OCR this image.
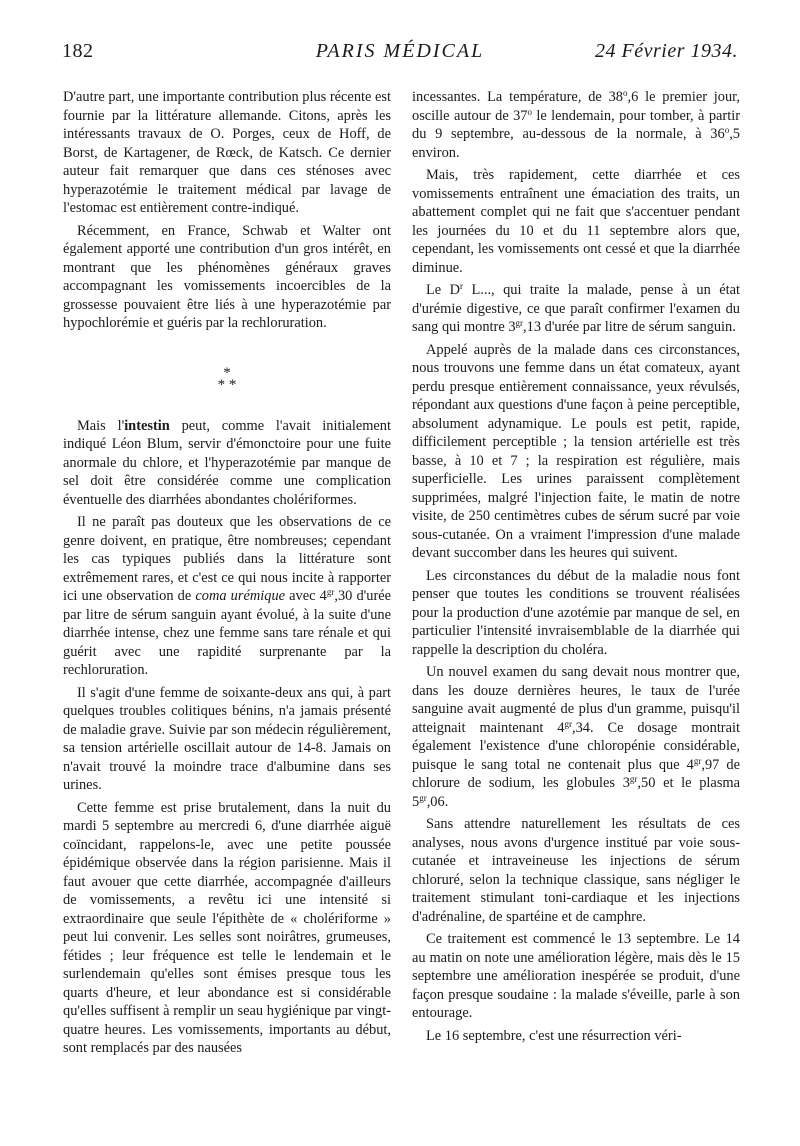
182	PARIS MÉDICAL	24 Février 1934.

D'autre part, une importante contribution plus récente est fournie par la littérature allemande. Citons, après les intéressants travaux de O. Porges, ceux de Hoff, de Borst, de Kartagener, de Rœck, de Katsch. Ce dernier auteur fait remarquer que dans ces sténoses avec hyperazotémie le traitement médical par lavage de l'estomac est entièrement contre-indiqué.

Récemment, en France, Schwab et Walter ont également apporté une contribution d'un gros intérêt, en montrant que les phénomènes généraux graves accompagnant les vomissements incoercibles de la grossesse pouvaient être liés à une hyperazotémie par hypochlorémie et guéris par la rechloruration.

*
* *

Mais l'intestin peut, comme l'avait initialement indiqué Léon Blum, servir d'émonctoire pour une fuite anormale du chlore, et l'hyperazotémie par manque de sel doit être considérée comme une complication éventuelle des diarrhées abondantes cholériformes.

Il ne paraît pas douteux que les observations de ce genre doivent, en pratique, être nombreuses; cependant les cas typiques publiés dans la littérature sont extrêmement rares, et c'est ce qui nous incite à rapporter ici une observation de coma urémique avec $4^{gr},30$ d'urée par litre de sérum sanguin ayant évolué, à la suite d'une diarrhée intense, chez une femme sans tare rénale et qui guérit avec une rapidité surprenante par la rechloruration.

Il s'agit d'une femme de soixante-deux ans qui, à part quelques troubles colitiques bénins, n'a jamais présenté de maladie grave. Suivie par son médecin régulièrement, sa tension artérielle oscillait autour de 14-8. Jamais on n'avait trouvé la moindre trace d'albumine dans ses urines.

Cette femme est prise brutalement, dans la nuit du mardi 5 septembre au mercredi 6, d'une diarrhée aiguë coïncidant, rappelons-le, avec une petite poussée épidémique observée dans la région parisienne. Mais il faut avouer que cette diarrhée, accompagnée d'ailleurs de vomissements, a revêtu ici une intensité si extraordinaire que seule l'épithète de « cholériforme » peut lui convenir. Les selles sont noirâtres, grumeuses, fétides ; leur fréquence est telle le lendemain et le surlendemain qu'elles sont émises presque tous les quarts d'heure, et leur abondance est si considérable qu'elles suffisent à remplir un seau hygiénique par vingt-quatre heures. Les vomissements, importants au début, sont remplacés par des nausées

incessantes. La température, de 38$^o$,6 le premier jour, oscille autour de 37$^o$ le lendemain, pour tomber, à partir du 9 septembre, au-dessous de la normale, à 36$^o$,5 environ.

Mais, très rapidement, cette diarrhée et ces vomissements entraînent une émaciation des traits, un abattement complet qui ne fait que s'accentuer pendant les journées du 10 et du 11 septembre alors que, cependant, les vomissements ont cessé et que la diarrhée diminue.

Le $D^r$ L..., qui traite la malade, pense à un état d'urémie digestive, ce que paraît confirmer l'examen du sang qui montre $3^{gr},13$ d'urée par litre de sérum sanguin.

Appelé auprès de la malade dans ces circonstances, nous trouvons une femme dans un état comateux, ayant perdu presque entièrement connaissance, yeux révulsés, répondant aux questions d'une façon à peine perceptible, absolument adynamique. Le pouls est petit, rapide, difficilement perceptible ; la tension artérielle est très basse, à 10 et 7 ; la respiration est régulière, mais superficielle. Les urines paraissent complètement supprimées, malgré l'injection faite, le matin de notre visite, de 250 centimètres cubes de sérum sucré par voie sous-cutanée. On a vraiment l'impression d'une malade devant succomber dans les heures qui suivent.

Les circonstances du début de la maladie nous font penser que toutes les conditions se trouvent réalisées pour la production d'une azotémie par manque de sel, en particulier l'intensité invraisemblable de la diarrhée qui rappelle la description du choléra.

Un nouvel examen du sang devait nous montrer que, dans les douze dernières heures, le taux de l'urée sanguine avait augmenté de plus d'un gramme, puisqu'il atteignait maintenant $4^{gr},34$. Ce dosage montrait également l'existence d'une chloropénie considérable, puisque le sang total ne contenait plus que $4^{gr},97$ de chlorure de sodium, les globules $3^{gr},50$ et le plasma $5^{gr},06$.

Sans attendre naturellement les résultats de ces analyses, nous avons d'urgence institué par voie sous-cutanée et intraveineuse les injections de sérum chloruré, selon la technique classique, sans négliger le traitement stimulant toni-cardiaque et les injections d'adrénaline, de spartéine et de camphre.

Ce traitement est commencé le 13 septembre. Le 14 au matin on note une amélioration légère, mais dès le 15 septembre une amélioration inespérée se produit, d'une façon presque soudaine : la malade s'éveille, parle à son entourage.

Le 16 septembre, c'est une résurrection véri-
